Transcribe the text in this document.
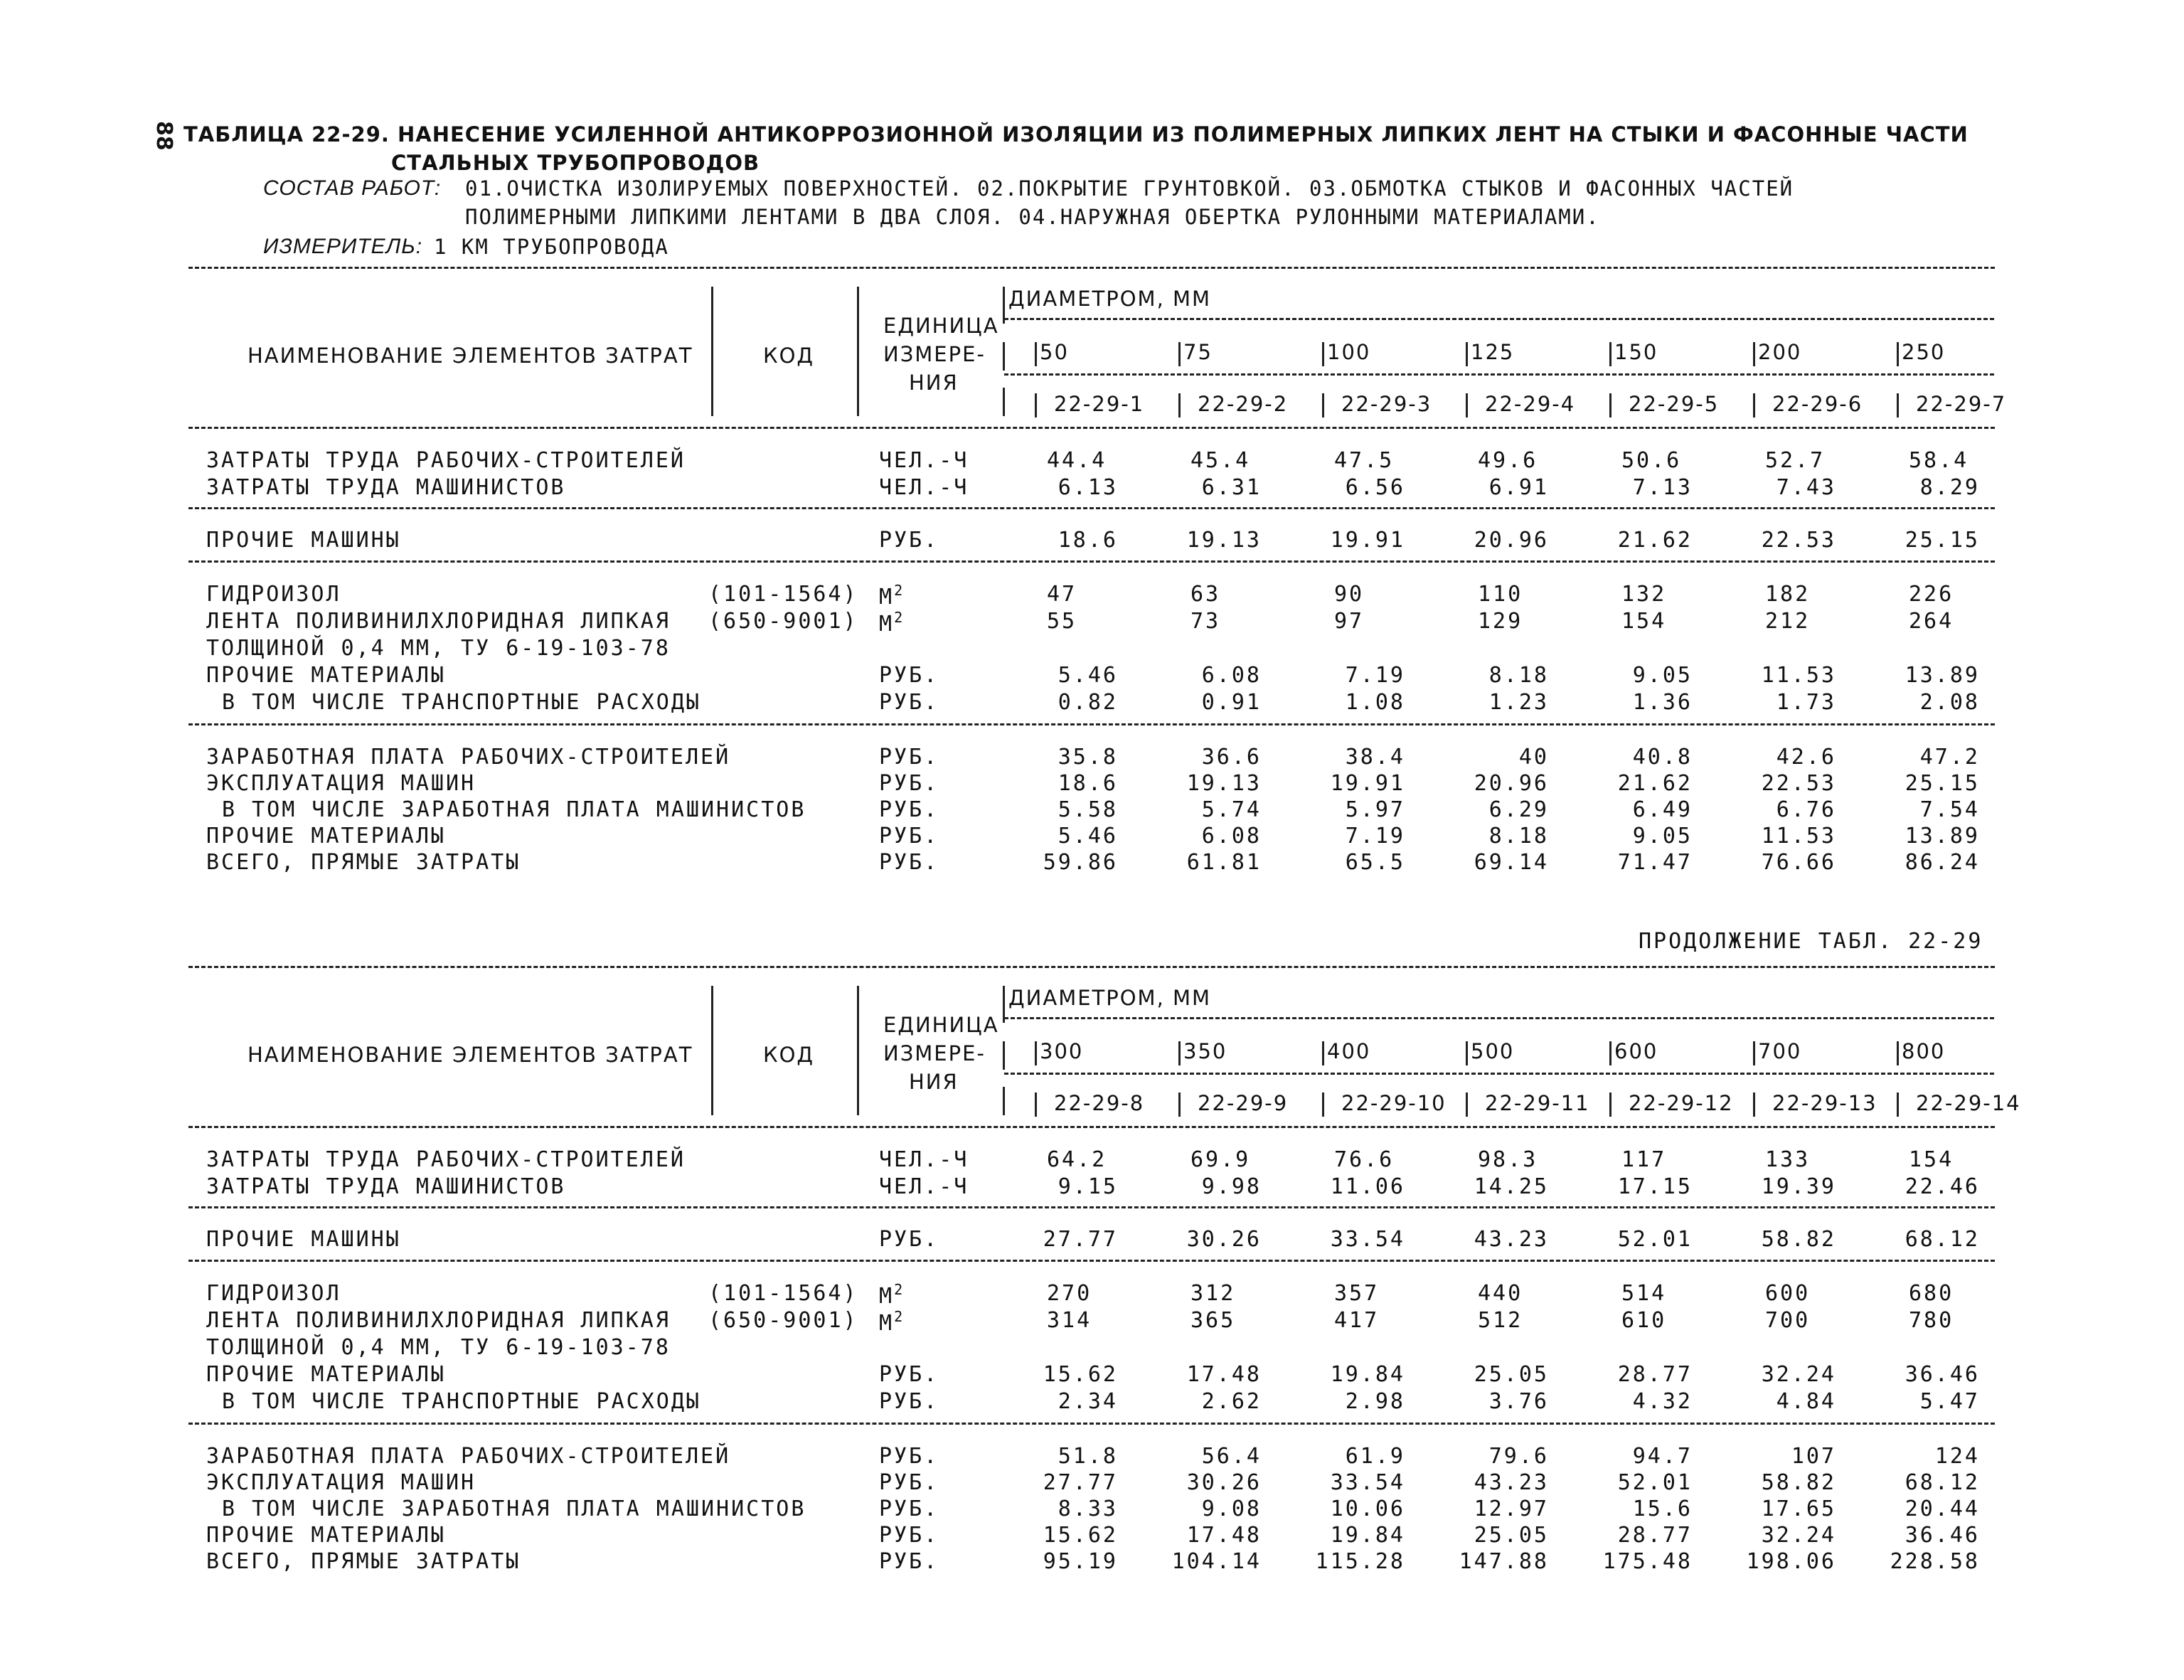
88 ТАБЛИЦА 22-29. НАНЕСЕНИЕ УСИЛЕННОЙ АНТИКОРРОЗИОННОЙ ИЗОЛЯЦИИ ИЗ ПОЛИМЕРНЫХ ЛИПКИХ ЛЕНТ НА СТЫКИ И ФАСОННЫЕ ЧАСТИ
СТАЛЬНЫХ ТРУБОПРОВОДОВ
СОСТАВ РАБОТ: 01.ОЧИСТКА ИЗОЛИРУЕМЫХ ПОВЕРХНОСТЕЙ. 02.ПОКРЫТИЕ ГРУНТОВКОЙ. 03.ОБМОТКА СТЫКОВ И ФАСОННЫХ ЧАСТЕЙ
ПОЛИМЕРНЫМИ ЛИПКИМИ ЛЕНТАМИ В ДВА СЛОЯ. 04.НАРУЖНАЯ ОБЕРТКА РУЛОННЫМИ МАТЕРИАЛАМИ.
ИЗМЕРИТЕЛЬ: 1 КМ ТРУБОПРОВОДА
ПРОДОЛЖЕНИЕ ТАБЛ. 22-29
ДИАМЕТРОМ, ММ
НАИМЕНОВАНИЕ ЭЛЕМЕНТОВ ЗАТРАТ	КОД
ЕДИНИЦА
ИЗМЕРЕ-
НИЯ
50	75	100	125	150	200	250
22-29-1	22-29-2	22-29-3	22-29-4	22-29-5	22-29-6	22-29-7
ЗАТРАТЫ ТРУДА РАБОЧИХ-СТРОИТЕЛЕЙ	ЧЕЛ.-Ч	44.4	45.4	47.5	49.6	50.6	52.7	58.4
ЗАТРАТЫ ТРУДА МАШИНИСТОВ	ЧЕЛ.-Ч	6.13	6.31	6.56	6.91	7.13	7.43	8.29
ПРОЧИЕ МАШИНЫ	РУБ.	18.6	19.13	19.91	20.96	21.62	22.53	25.15
ГИДРОИЗОЛ	(101-1564) $М^2$	47	63	90	110	132	182	226
ЛЕНТА ПОЛИВИНИЛХЛОРИДНАЯ ЛИПКАЯ (650-9001) $М^2$	55	73	97	129	154	212	264
ТОЛЩИНОЙ 0,4 ММ, ТУ 6-19-103-78
ПРОЧИЕ МАТЕРИАЛЫ	РУБ.	5.46	6.08	7.19	8.18	9.05	11.53	13.89
В ТОМ ЧИСЛЕ ТРАНСПОРТНЫЕ РАСХОДЫ	РУБ.	0.82	0.91	1.08	1.23	1.36	1.73	2.08
ЗАРАБОТНАЯ ПЛАТА РАБОЧИХ-СТРОИТЕЛЕЙ	РУБ.	35.8	36.6	38.4	40	40.8	42.6	47.2
ЭКСПЛУАТАЦИЯ МАШИН	РУБ.	18.6	19.13	19.91	20.96	21.62	22.53	25.15
В ТОМ ЧИСЛЕ ЗАРАБОТНАЯ ПЛАТА МАШИНИСТОВ	РУБ.	5.58	5.74	5.97	6.29	6.49	6.76	7.54
ПРОЧИЕ МАТЕРИАЛЫ	РУБ.	5.46	6.08	7.19	8.18	9.05	11.53	13.89
ВСЕГО, ПРЯМЫЕ ЗАТРАТЫ	РУБ.	59.86	61.81	65.5	69.14	71.47	76.66	86.24
ДИАМЕТРОМ, ММ
НАИМЕНОВАНИЕ ЭЛЕМЕНТОВ ЗАТРАТ	КОД
ЕДИНИЦА
ИЗМЕРЕ-
НИЯ
300	350	400	500	600	700	800
22-29-8	22-29-9	22-29-10 22-29-11 22-29-12 22-29-13 22-29-14
ЗАТРАТЫ ТРУДА РАБОЧИХ-СТРОИТЕЛЕЙ	ЧЕЛ.-Ч	64.2	69.9	76.6	98.3	117	133	154
ЗАТРАТЫ ТРУДА МАШИНИСТОВ	ЧЕЛ.-Ч	9.15	9.98	11.06	14.25	17.15	19.39	22.46
ПРОЧИЕ МАШИНЫ	РУБ.	27.77	30.26	33.54	43.23	52.01	58.82	68.12
ГИДРОИЗОЛ	(101-1564) $М^2$	270	312	357	440	514	600	680
ЛЕНТА ПОЛИВИНИЛХЛОРИДНАЯ ЛИПКАЯ (650-9001) $М^2$	314	365	417	512	610	700	780
ТОЛЩИНОЙ 0,4 ММ, ТУ 6-19-103-78
ПРОЧИЕ МАТЕРИАЛЫ	РУБ.	15.62	17.48	19.84	25.05	28.77	32.24	36.46
В ТОМ ЧИСЛЕ ТРАНСПОРТНЫЕ РАСХОДЫ	РУБ.	2.34	2.62	2.98	3.76	4.32	4.84	5.47
ЗАРАБОТНАЯ ПЛАТА РАБОЧИХ-СТРОИТЕЛЕЙ	РУБ.	51.8	56.4	61.9	79.6	94.7	107	124
ЭКСПЛУАТАЦИЯ МАШИН	РУБ.	27.77	30.26	33.54	43.23	52.01	58.82	68.12
В ТОМ ЧИСЛЕ ЗАРАБОТНАЯ ПЛАТА МАШИНИСТОВ	РУБ.	8.33	9.08	10.06	12.97	15.6	17.65	20.44
ПРОЧИЕ МАТЕРИАЛЫ	РУБ.	15.62	17.48	19.84	25.05	28.77	32.24	36.46
ВСЕГО, ПРЯМЫЕ ЗАТРАТЫ	РУБ.	95.19	104.14	115.28	147.88	175.48	198.06	228.58
